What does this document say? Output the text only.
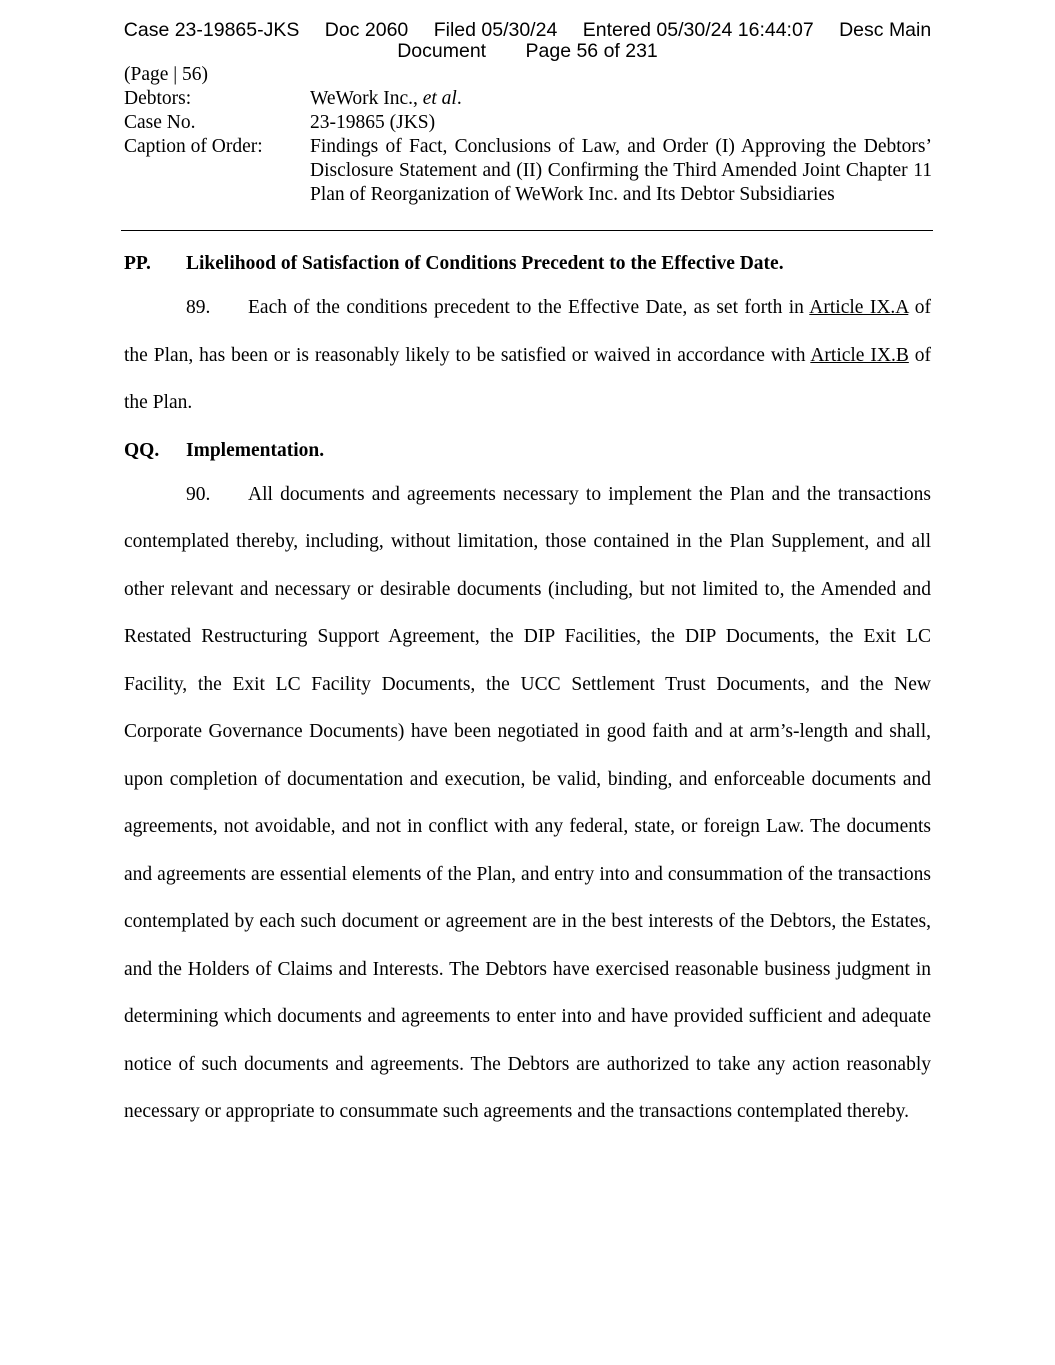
Case 23-19865-JKS Doc 2060 Filed 05/30/24 Entered 05/30/24 16:44:07 Desc Main
Document Page 56 of 231
(Page | 56)
Debtors:	WeWork Inc., et al.
Case No.	23-19865 (JKS)
Caption of Order:	Findings of Fact, Conclusions of Law, and Order (I) Approving the Debtors’ Disclosure Statement and (II) Confirming the Third Amended Joint Chapter 11 Plan of Reorganization of WeWork Inc. and Its Debtor Subsidiaries

PP.	Likelihood of Satisfaction of Conditions Precedent to the Effective Date.

89. Each of the conditions precedent to the Effective Date, as set forth in Article IX.A of the Plan, has been or is reasonably likely to be satisfied or waived in accordance with Article IX.B of the Plan.

QQ.	Implementation.

90. All documents and agreements necessary to implement the Plan and the transactions contemplated thereby, including, without limitation, those contained in the Plan Supplement, and all other relevant and necessary or desirable documents (including, but not limited to, the Amended and Restated Restructuring Support Agreement, the DIP Facilities, the DIP Documents, the Exit LC Facility, the Exit LC Facility Documents, the UCC Settlement Trust Documents, and the New Corporate Governance Documents) have been negotiated in good faith and at arm’s-length and shall, upon completion of documentation and execution, be valid, binding, and enforceable documents and agreements, not avoidable, and not in conflict with any federal, state, or foreign Law. The documents and agreements are essential elements of the Plan, and entry into and consummation of the transactions contemplated by each such document or agreement are in the best interests of the Debtors, the Estates, and the Holders of Claims and Interests. The Debtors have exercised reasonable business judgment in determining which documents and agreements to enter into and have provided sufficient and adequate notice of such documents and agreements. The Debtors are authorized to take any action reasonably necessary or appropriate to consummate such agreements and the transactions contemplated thereby.
